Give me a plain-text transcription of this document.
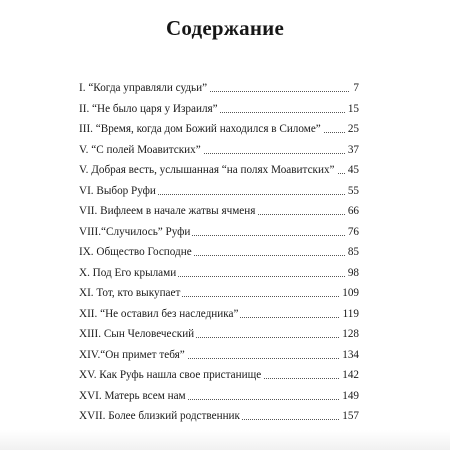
Содержание
I. “Когда управляли судьи”	7
II. “Не было царя у Израиля”	15
III. “Время, когда дом Божий находился в Силоме” 25
V. “С полей Моавитских”	37
V. Добрая весть, услышанная “на полях Моавитских” 45
VI. Выбор Руфи	55
VII. Вифлеем в начале жатвы ячменя	66
VIII.“Случилось” Руфи	76
IX. Общество Господне	85
X. Под Его крылами	98
XI. Тот, кто выкупает	109
XII. “Не оставил без наследника”	119
XIII. Сын Человеческий	128
XIV.“Он примет тебя”	134
XV. Как Руфь нашла свое пристанище	142
XVI. Матерь всем нам	149
XVII. Более близкий родственник	157
